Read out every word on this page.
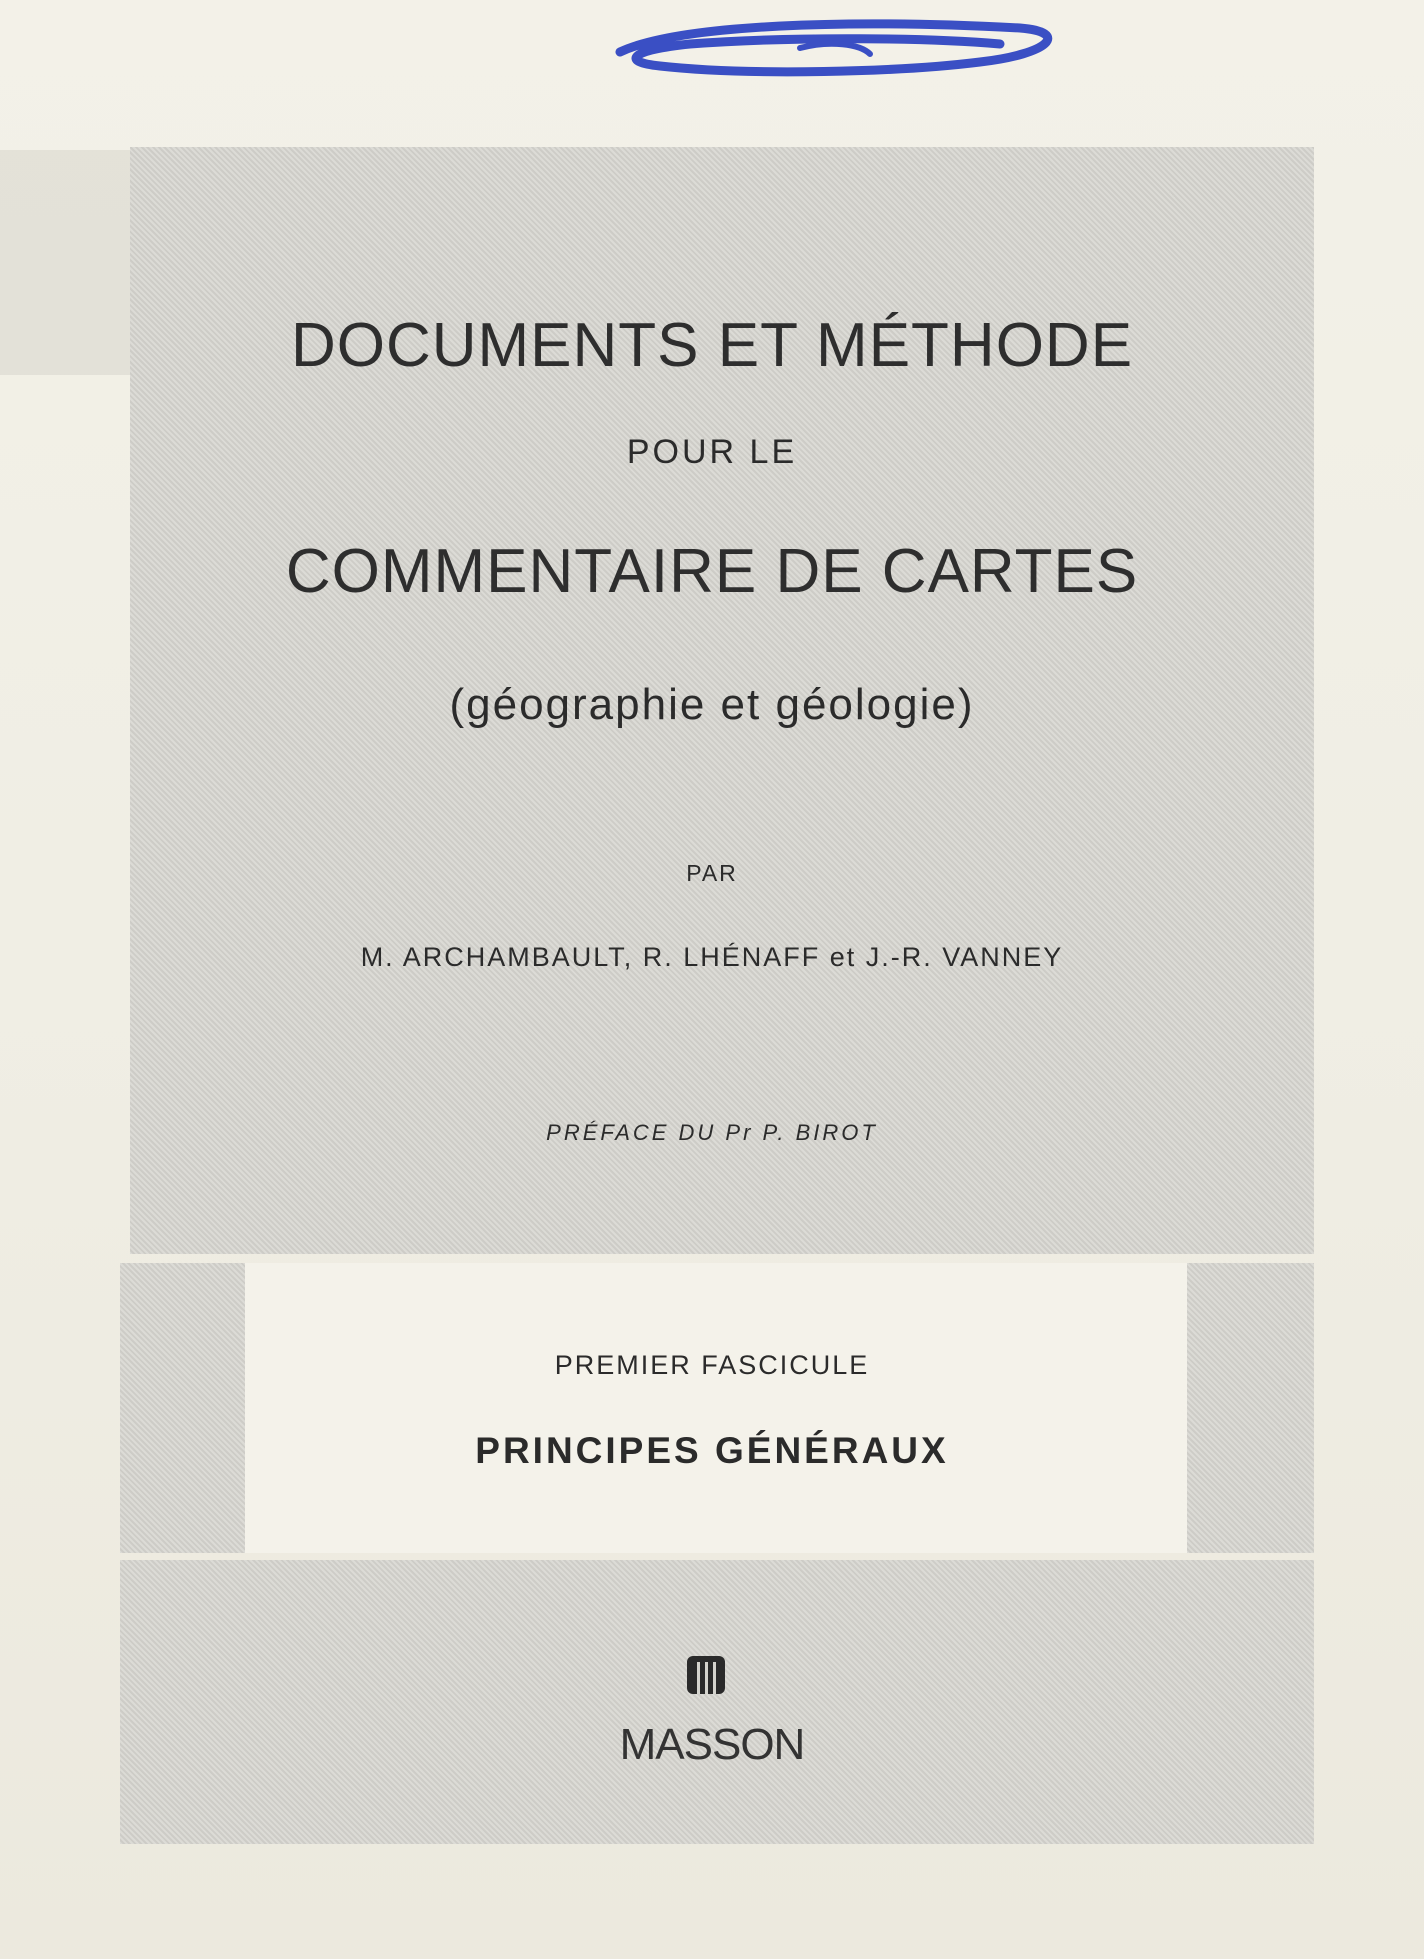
DOCUMENTS ET MÉTHODE
POUR LE
COMMENTAIRE DE CARTES
(géographie et géologie)
PAR
M. ARCHAMBAULT, R. LHÉNAFF et J.-R. VANNEY
PRÉFACE DU Pr P. BIROT
PREMIER FASCICULE
PRINCIPES GÉNÉRAUX
MASSON
